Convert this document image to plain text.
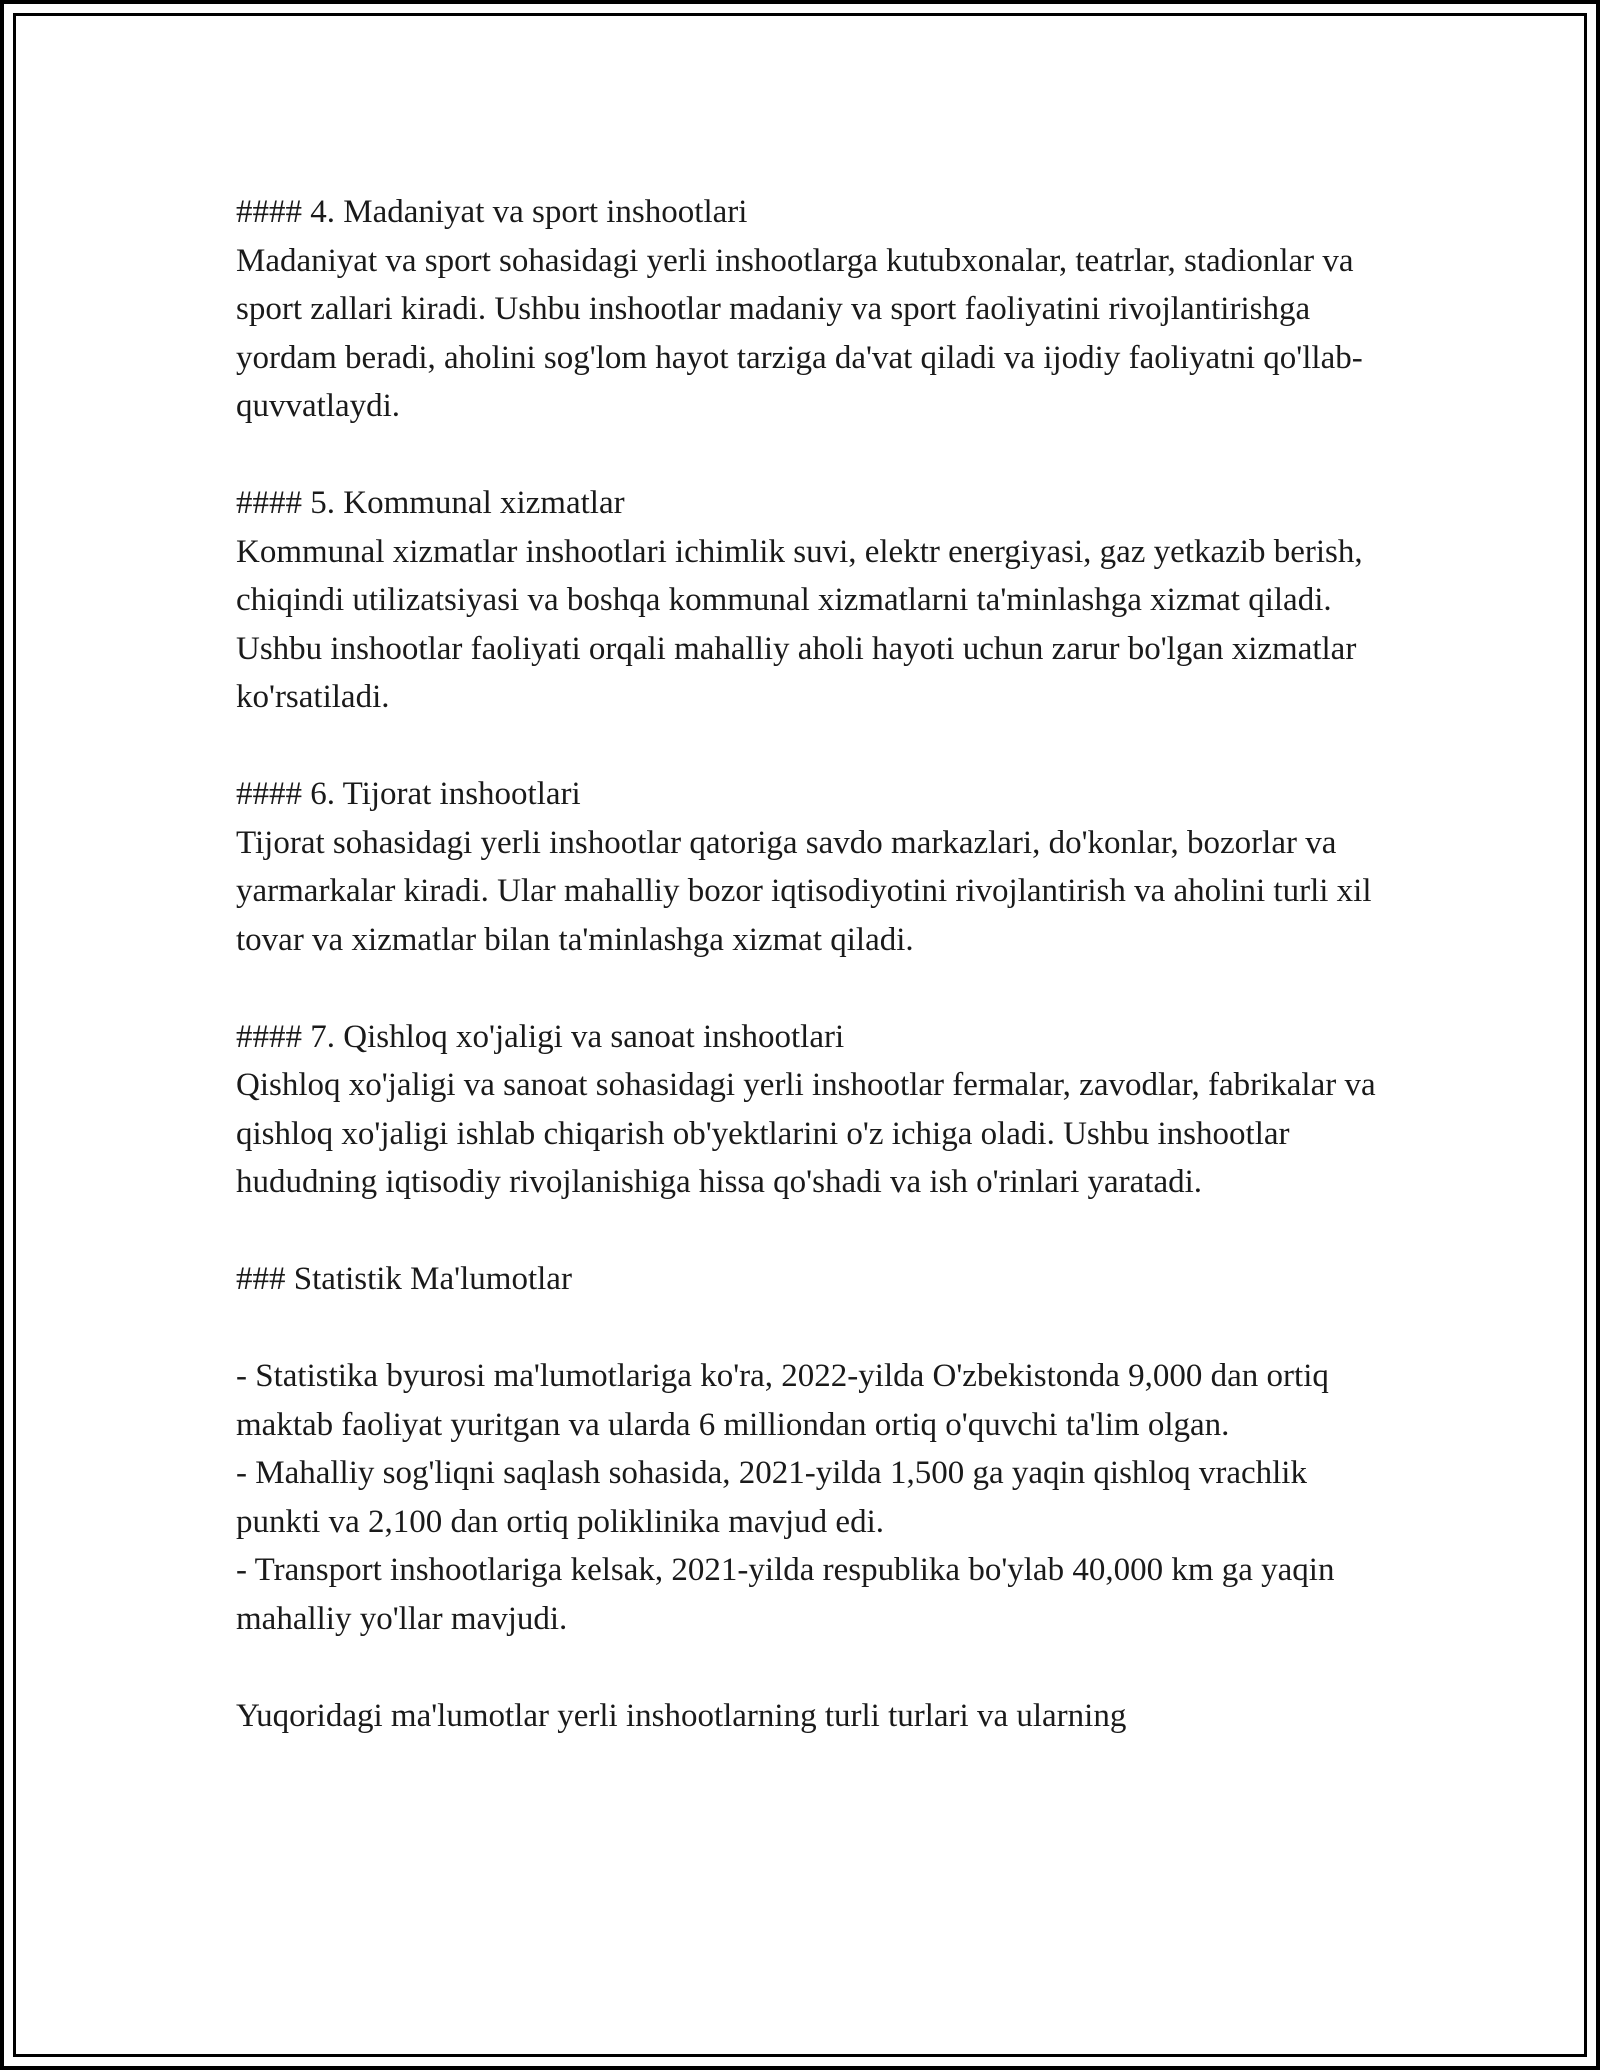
#### 4. Madaniyat va sport inshootlari

Madaniyat va sport sohasidagi yerli inshootlarga kutubxonalar, teatrlar, stadionlar va sport zallari kiradi. Ushbu inshootlar madaniy va sport faoliyatini rivojlantirishga yordam beradi, aholini sog'lom hayot tarziga da'vat qiladi va ijodiy faoliyatni qo'llab-quvvatlaydi.

#### 5. Kommunal xizmatlar

Kommunal xizmatlar inshootlari ichimlik suvi, elektr energiyasi, gaz yetkazib berish, chiqindi utilizatsiyasi va boshqa kommunal xizmatlarni ta'minlashga xizmat qiladi. Ushbu inshootlar faoliyati orqali mahalliy aholi hayoti uchun zarur bo'lgan xizmatlar ko'rsatiladi.

#### 6. Tijorat inshootlari

Tijorat sohasidagi yerli inshootlar qatoriga savdo markazlari, do'konlar, bozorlar va yarmarkalar kiradi. Ular mahalliy bozor iqtisodiyotini rivojlantirish va aholini turli xil tovar va xizmatlar bilan ta'minlashga xizmat qiladi.

#### 7. Qishloq xo'jaligi va sanoat inshootlari

Qishloq xo'jaligi va sanoat sohasidagi yerli inshootlar fermalar, zavodlar, fabrikalar va qishloq xo'jaligi ishlab chiqarish ob'yektlarini o'z ichiga oladi. Ushbu inshootlar hududning iqtisodiy rivojlanishiga hissa qo'shadi va ish o'rinlari yaratadi.

### Statistik Ma'lumotlar

- Statistika byurosi ma'lumotlariga ko'ra, 2022-yilda O'zbekistonda 9,000 dan ortiq maktab faoliyat yuritgan va ularda 6 milliondan ortiq o'quvchi ta'lim olgan.
- Mahalliy sog'liqni saqlash sohasida, 2021-yilda 1,500 ga yaqin qishloq vrachlik punkti va 2,100 dan ortiq poliklinika mavjud edi.
- Transport inshootlariga kelsak, 2021-yilda respublika bo'ylab 40,000 km ga yaqin mahalliy yo'llar mavjudi.

Yuqoridagi ma'lumotlar yerli inshootlarning turli turlari va ularning
